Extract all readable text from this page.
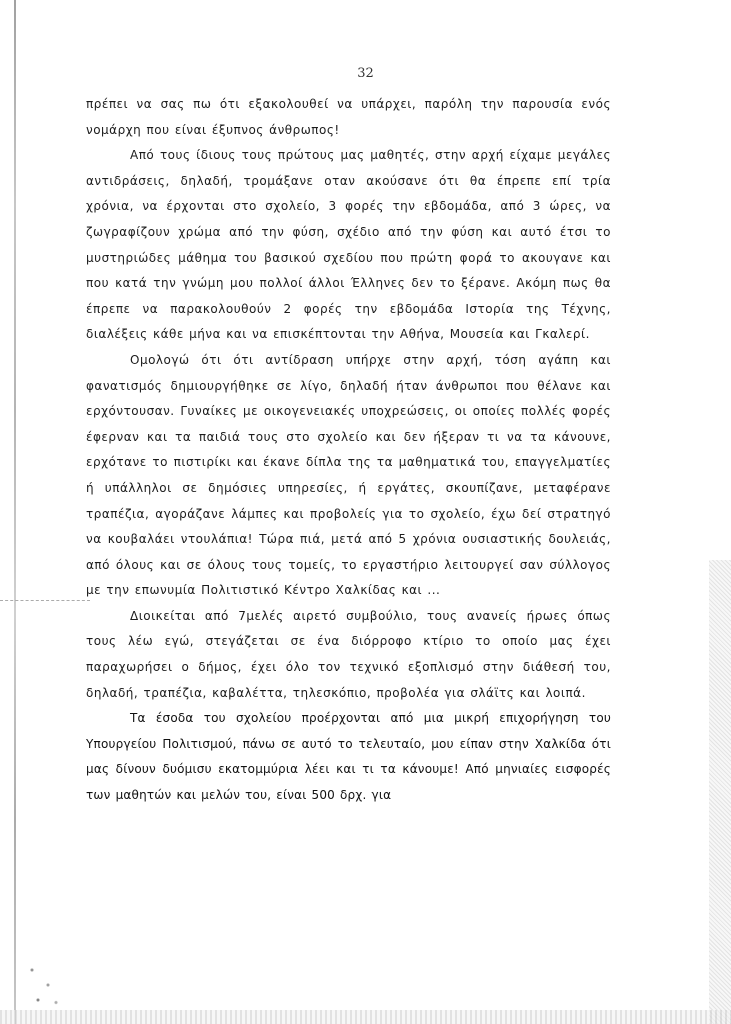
32

πρέπει να σας πω ότι εξακολουθεί να υπάρχει, παρόλη την παρουσία ενός νομάρχη που είναι έξυπνος άνθρωπος!

Από τους ίδιους τους πρώτους μας μαθητές, στην αρχή είχαμε μεγάλες αντιδράσεις, δηλαδή, τρομάξανε οταν ακούσανε ότι θα έπρεπε επί τρία χρόνια, να έρχονται στο σχολείο, 3 φορές την εβδομάδα, από 3 ώρες, να ζωγραφίζουν χρώμα από την φύση, σχέδιο από την φύση και αυτό έτσι το μυστηριώδες μάθημα του βασικού σχεδίου που πρώτη φορά το ακουγανε και που κατά την γνώμη μου πολλοί άλλοι Έλληνες δεν το ξέρανε. Ακόμη πως θα έπρεπε να παρακολουθούν 2 φορές την εβδομάδα Ιστορία της Τέχνης, διαλέξεις κάθε μήνα και να επισκέπτονται την Αθήνα, Μουσεία και Γκαλερί.

Ομολογώ ότι ότι αντίδραση υπήρχε στην αρχή, τόση αγάπη και φανατισμός δημιουργήθηκε σε λίγο, δηλαδή ήταν άνθρωποι που θέλανε και ερχόντουσαν. Γυναίκες με οικογενειακές υποχρεώσεις, οι οποίες πολλές φορές έφερναν και τα παιδιά τους στο σχολείο και δεν ήξεραν τι να τα κάνουνε, ερχότανε το πιστιρίκι και έκανε δίπλα της τα μαθηματικά του, επαγγελματίες ή υπάλληλοι σε δημόσιες υπηρεσίες, ή εργάτες, σκουπίζανε, μεταφέρανε τραπέζια, αγοράζανε λάμπες και προβολείς για το σχολείο, έχω δεί στρατηγό να κουβαλάει ντουλάπια! Τώρα πιά, μετά από 5 χρόνια ουσιαστικής δουλειάς, από όλους και σε όλους τους τομείς, το εργαστήριο λειτουργεί σαν σύλλογος με την επωνυμία Πολιτιστικό Κέντρο Χαλκίδας και ...

Διοικείται από 7μελές αιρετό συμβούλιο, τους ανανείς ήρωες όπως τους λέω εγώ, στεγάζεται σε ένα διόρροφο κτίριο το οποίο μας έχει παραχωρήσει ο δήμος, έχει όλο τον τεχνικό εξοπλισμό στην διάθεσή του, δηλαδή, τραπέζια, καβαλέττα, τηλεσκόπιο, προβολέα για σλάϊτς και λοιπά.

Τα έσοδα του σχολείου προέρχονται από μια μικρή επιχορήγηση του Υπουργείου Πολιτισμού, πάνω σε αυτό το τελευταίο, μου είπαν στην Χαλκίδα ότι μας δίνουν δυόμισυ εκατομμύρια λέει και τι τα κάνουμε! Από μηνιαίες εισφορές των μαθητών και μελών του, είναι 500 δρχ. για
